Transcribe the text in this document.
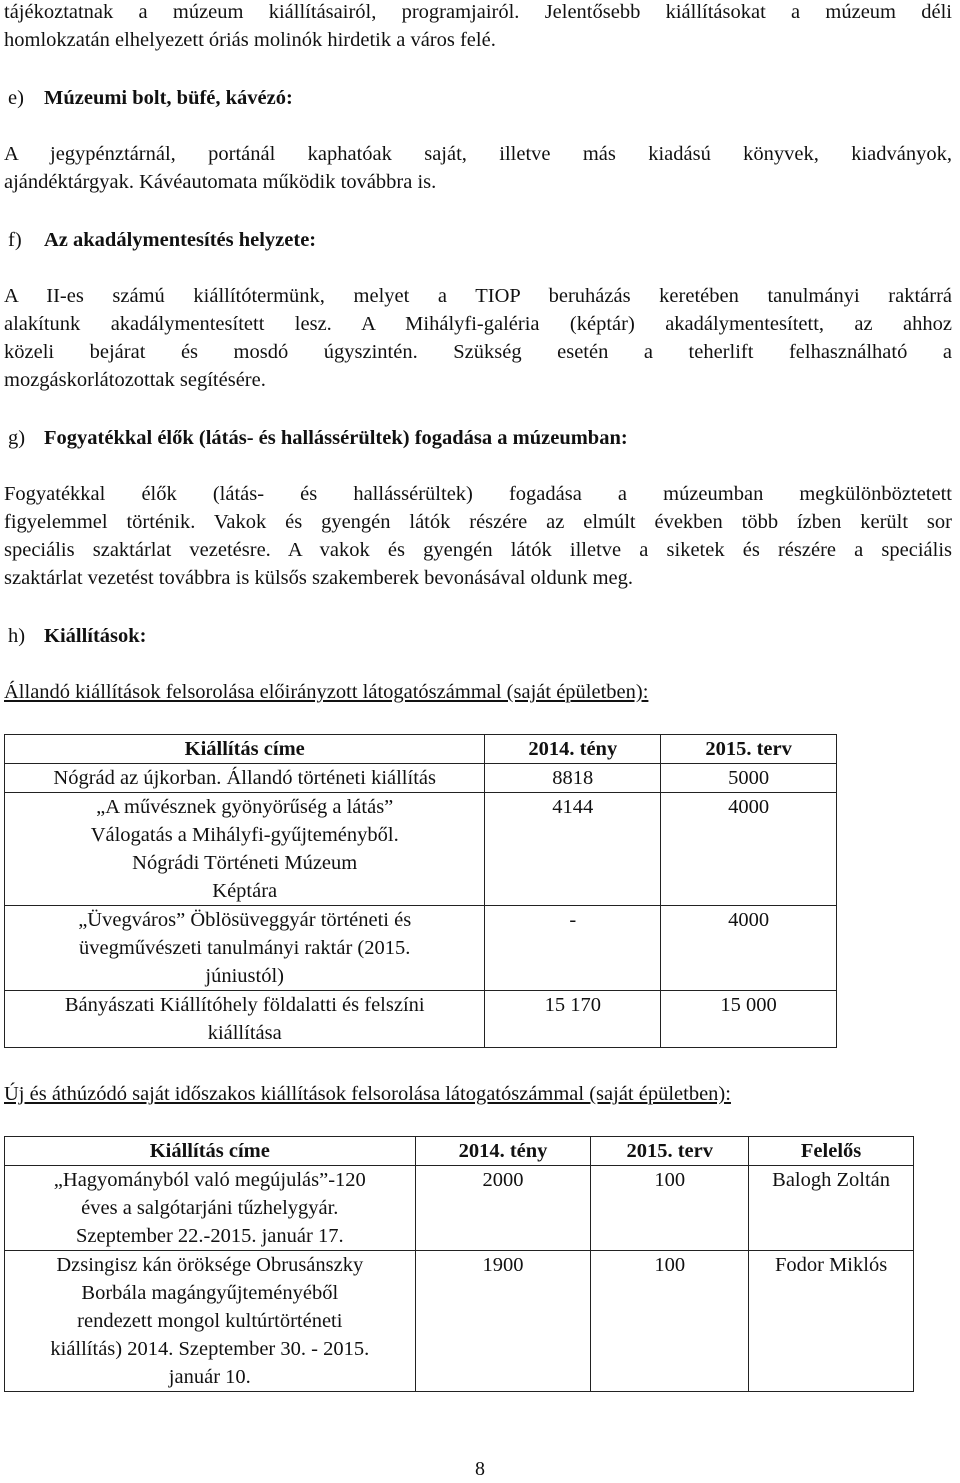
tájékoztatnak a múzeum kiállításairól, programjairól. Jelentősebb kiállításokat a múzeum déli

homlokzatán elhelyezett óriás molinók hirdetik a város felé.

e) Múzeumi bolt, büfé, kávézó:

A jegypénztárnál, portánál kaphatóak saját, illetve más kiadású könyvek, kiadványok,

ajándéktárgyak. Kávéautomata működik továbbra is.

f) Az akadálymentesítés helyzete:

A II-es számú kiállítótermünk, melyet a TIOP beruházás keretében tanulmányi raktárrá

alakítunk akadálymentesített lesz. A Mihályfi-galéria (képtár) akadálymentesített, az ahhoz

közeli bejárat és mosdó úgyszintén. Szükség esetén a teherlift felhasználható a

mozgáskorlátozottak segítésére.

g) Fogyatékkal élők (látás- és hallássérültek) fogadása a múzeumban:

Fogyatékkal élők (látás- és hallássérültek) fogadása a múzeumban megkülönböztetett

figyelemmel történik. Vakok és gyengén látók részére az elmúlt években több ízben került sor

speciális szaktárlat vezetésre. A vakok és gyengén látók illetve a siketek és részére a speciális

szaktárlat vezetést továbbra is külsős szakemberek bevonásával oldunk meg.

h) Kiállítások:

Állandó kiállítások felsorolása előirányzott látogatószámmal (saját épületben):

Kiállítás címe	2014. tény	2015. terv

Nógrád az újkorban. Állandó történeti kiállítás	8818	5000

„A művésznek gyönyörűség a látás”
Válogatás a Mihályfi-gyűjteményből.
Nógrádi Történeti Múzeum
Képtára	4144	4000

„Üvegváros” Öblösüveggyár történeti és
üvegművészeti tanulmányi raktár (2015.
júniustól)	-	4000

Bányászati Kiállítóhely földalatti és felszíni
kiállítása	15 170	15 000

Új és áthúzódó saját időszakos kiállítások felsorolása látogatószámmal (saját épületben):

Kiállítás címe	2014. tény	2015. terv	Felelős

„Hagyományból való megújulás”-120
éves a salgótarjáni tűzhelygyár.
Szeptember 22.-2015. január 17.	2000	100	Balogh Zoltán

Dzsingisz kán öröksége Obrusánszky
Borbála magángyűjteményéből
rendezett mongol kultúrtörténeti
kiállítás) 2014. Szeptember 30. - 2015.
január 10.	1900	100	Fodor Miklós
8
